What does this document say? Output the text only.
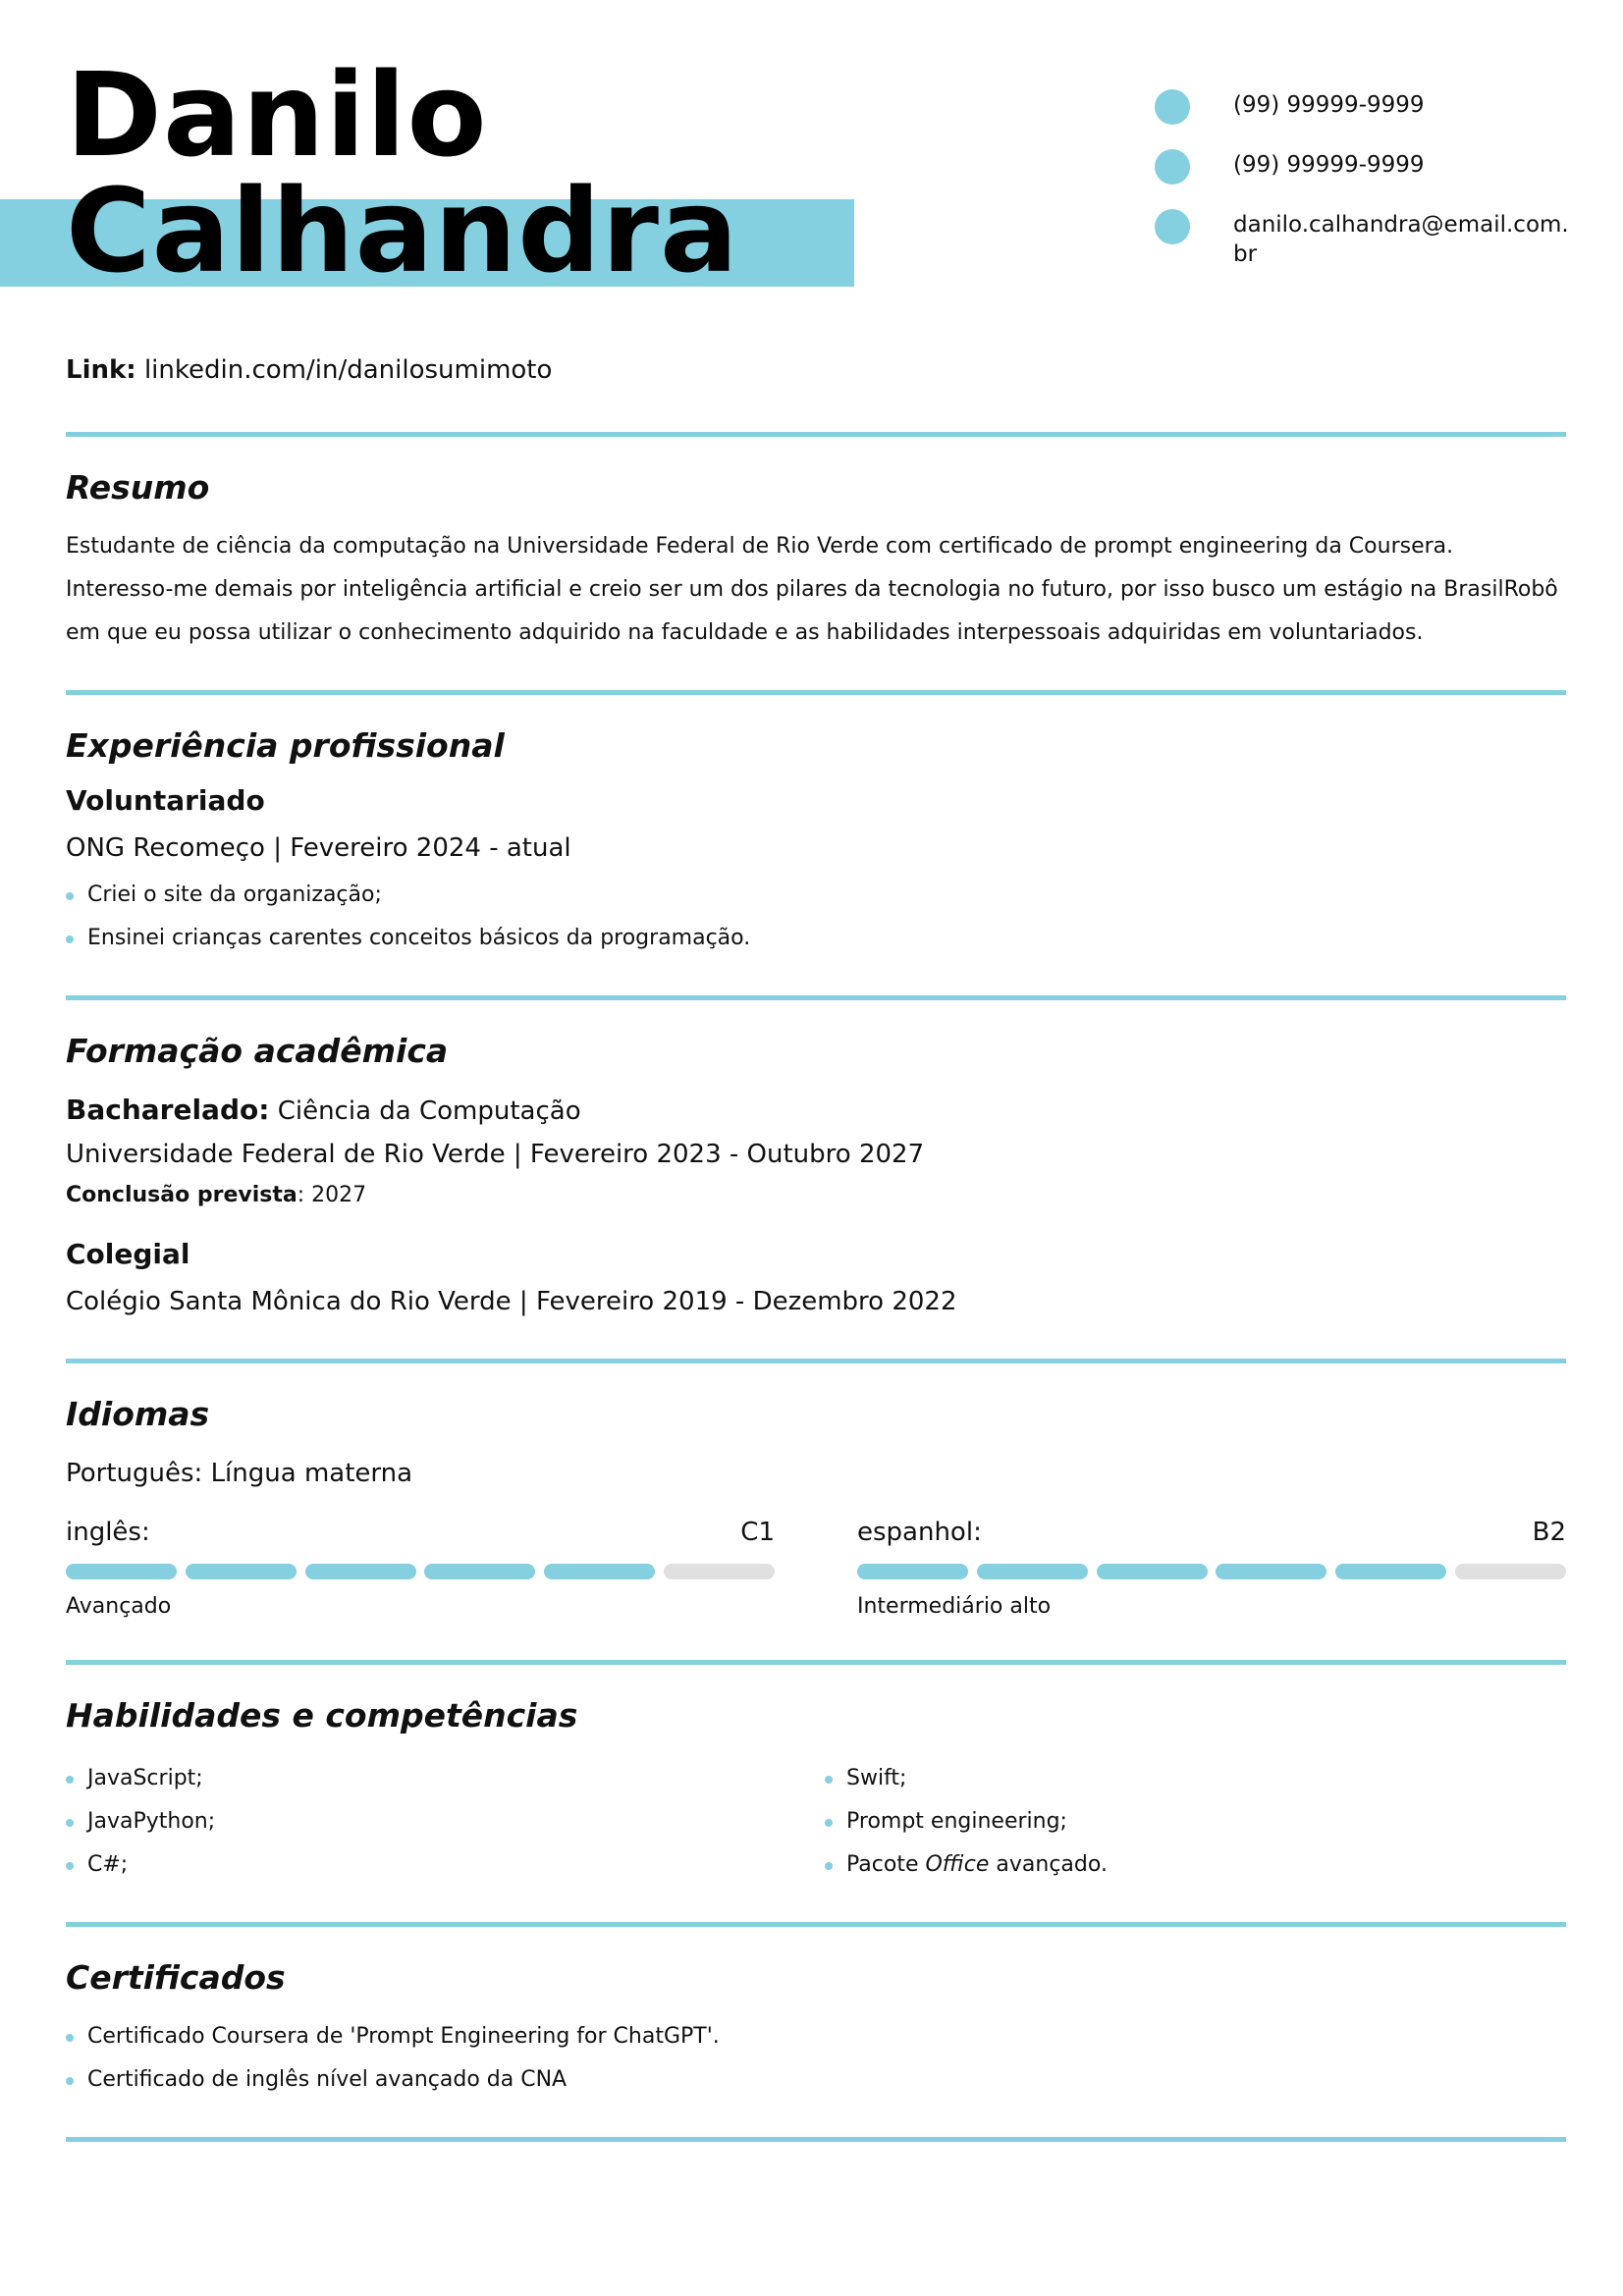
Danilo
Calhandra
(99) 99999-9999
(99) 99999-9999
danilo.calhandra@email.com.br
Link: linkedin.com/in/danilosumimoto
Resumo

Estudante de ciência da computação na Universidade Federal de Rio Verde com certificado de prompt engineering da Coursera. Interesso-me demais por inteligência artificial e creio ser um dos pilares da tecnologia no futuro, por isso busco um estágio na BrasilRobô em que eu possa utilizar o conhecimento adquirido na faculdade e as habilidades interpessoais adquiridas em voluntariados.

Experiência profissional
Voluntariado
ONG Recomeço | Fevereiro 2024 - atual
Criei o site da organização;
Ensinei crianças carentes conceitos básicos da programação.
Formação acadêmica
Bacharelado: Ciência da Computação
Universidade Federal de Rio Verde | Fevereiro 2023 - Outubro 2027
Conclusão prevista: 2027
Colegial
Colégio Santa Mônica do Rio Verde | Fevereiro 2019 - Dezembro 2022
Idiomas
Português: Língua materna
inglês:	C1
Avançado
espanhol:	B2
Intermediário alto
Habilidades e competências
JavaScript;
JavaPython;
C#;
Swift;
Prompt engineering;
Pacote Office avançado.
Certificados
Certificado Coursera de 'Prompt Engineering for ChatGPT'.
Certificado de inglês nível avançado da CNA
